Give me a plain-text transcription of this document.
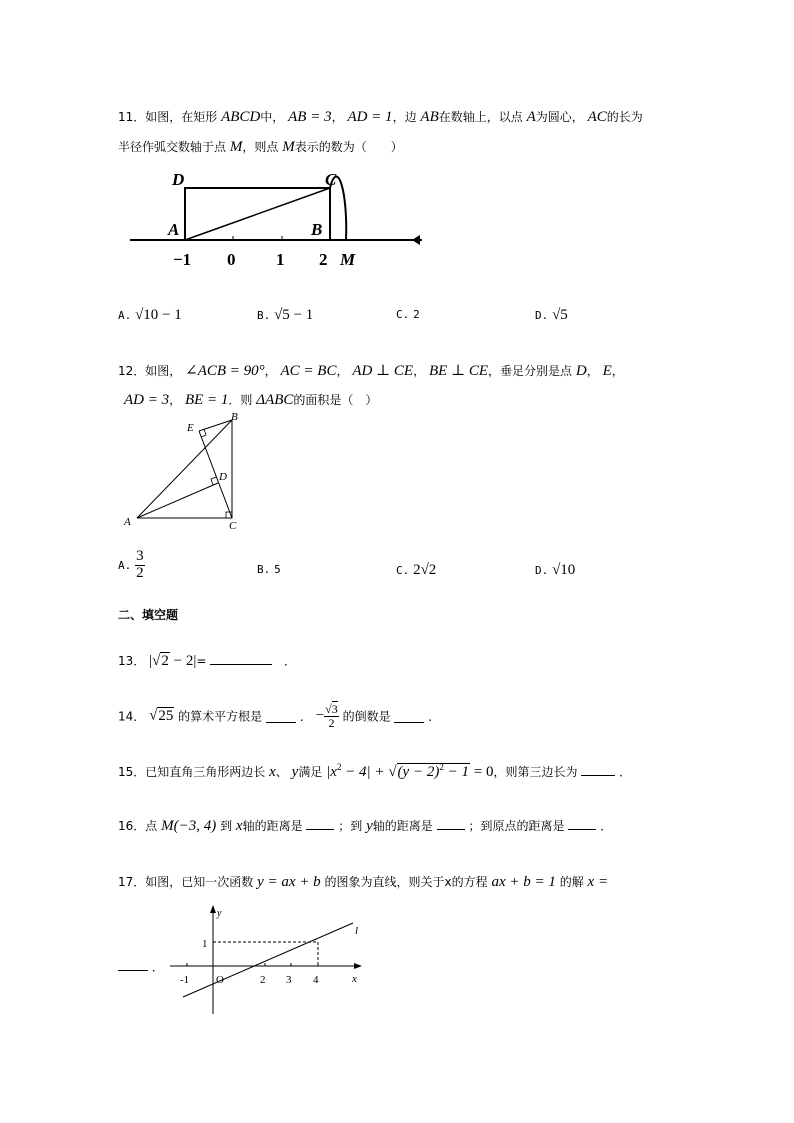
11．如图，在矩形 ABCD中， AB = 3， AD = 1，边 AB在数轴上，以点 A为圆心， AC的长为
半径作弧交数轴于点 M，则点 M表示的数为（　　）
D	C
A	B
M
−1 0 1 2
A. √10 − 1	B. √5 − 1	C. 2	D. √5
12．如图， ∠ACB = 90°， AC = BC， AD ⊥ CE， BE ⊥ CE，垂足分别是点 D， E，
AD = 3， BE = 1．则 ΔABC的面积是（　）
E
B
D
A	C
A. $\frac{3}{2}$	B. 5	C. 2√2	D. √10
二、填空题
13． |√2 − 2|=	．
14． √25 的算术平方根是	． − $\frac{√3}{2}$ 的倒数是	．
15．已知直角三角形两边长 x、 y满足 $|x^2 - 4| + √(y - 2)^2 - 1 = 0$，则第三边长为	．
16．点 M(−3, 4) 到 x轴的距离是	；到 y轴的距离是	；到原点的距离是	．
17．如图，已知一次函数 y = ax + b 的图象为直线，则关于x的方程 ax + b = 1 的解 x =
．
y
x
l
1
O
-1	2 3 4
